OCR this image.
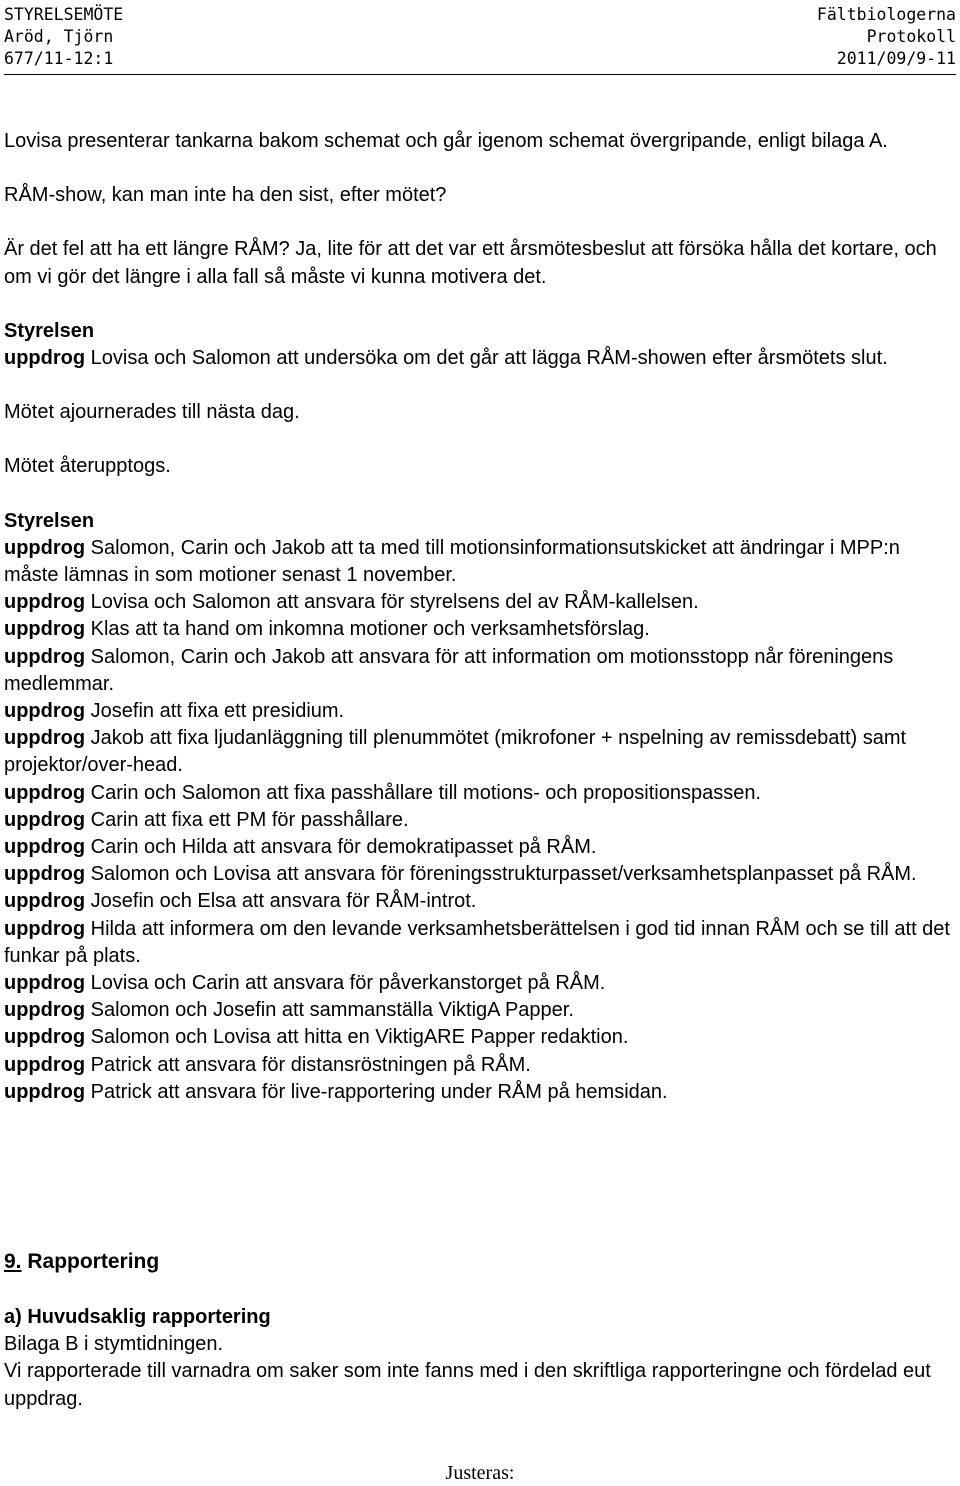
STYRELSEMÖTE	Fältbiologerna
Aröd, Tjörn	Protokoll
677/11-12:1	2011/09/9-11

Lovisa presenterar tankarna bakom schemat och går igenom schemat övergripande, enligt bilaga A.

RÅM-show, kan man inte ha den sist, efter mötet?

Är det fel att ha ett längre RÅM? Ja, lite för att det var ett årsmötesbeslut att försöka hålla det kortare, och om vi gör det längre i alla fall så måste vi kunna motivera det.

Styrelsen

uppdrog Lovisa och Salomon att undersöka om det går att lägga RÅM-showen efter årsmötets slut.

Mötet ajournerades till nästa dag.

Mötet återupptogs.

Styrelsen

uppdrog Salomon, Carin och Jakob att ta med till motionsinformationsutskicket att ändringar i MPP:n måste lämnas in som motioner senast 1 november.

uppdrog Lovisa och Salomon att ansvara för styrelsens del av RÅM-kallelsen.

uppdrog Klas att ta hand om inkomna motioner och verksamhetsförslag.

uppdrog Salomon, Carin och Jakob att ansvara för att information om motionsstopp når föreningens medlemmar.

uppdrog Josefin att fixa ett presidium.

uppdrog Jakob att fixa ljudanläggning till plenummötet (mikrofoner + nspelning av remissdebatt) samt projektor/over-head.

uppdrog Carin och Salomon att fixa passhållare till motions- och propositionspassen.

uppdrog Carin att fixa ett PM för passhållare.

uppdrog Carin och Hilda att ansvara för demokratipasset på RÅM.

uppdrog Salomon och Lovisa att ansvara för föreningsstrukturpasset/verksamhetsplanpasset på RÅM.

uppdrog Josefin och Elsa att ansvara för RÅM-introt.

uppdrog Hilda att informera om den levande verksamhetsberättelsen i god tid innan RÅM och se till att det funkar på plats.

uppdrog Lovisa och Carin att ansvara för påverkanstorget på RÅM.

uppdrog Salomon och Josefin att sammanställa ViktigA Papper.

uppdrog Salomon och Lovisa att hitta en ViktigARE Papper redaktion.

uppdrog Patrick att ansvara för distansröstningen på RÅM.

uppdrog Patrick att ansvara för live-rapportering under RÅM på hemsidan.

9. Rapportering

a) Huvudsaklig rapportering

Bilaga B i stymtidningen.

Vi rapporterade till varnadra om saker som inte fanns med i den skriftliga rapporteringne och fördelad eut uppdrag.

Justeras:
